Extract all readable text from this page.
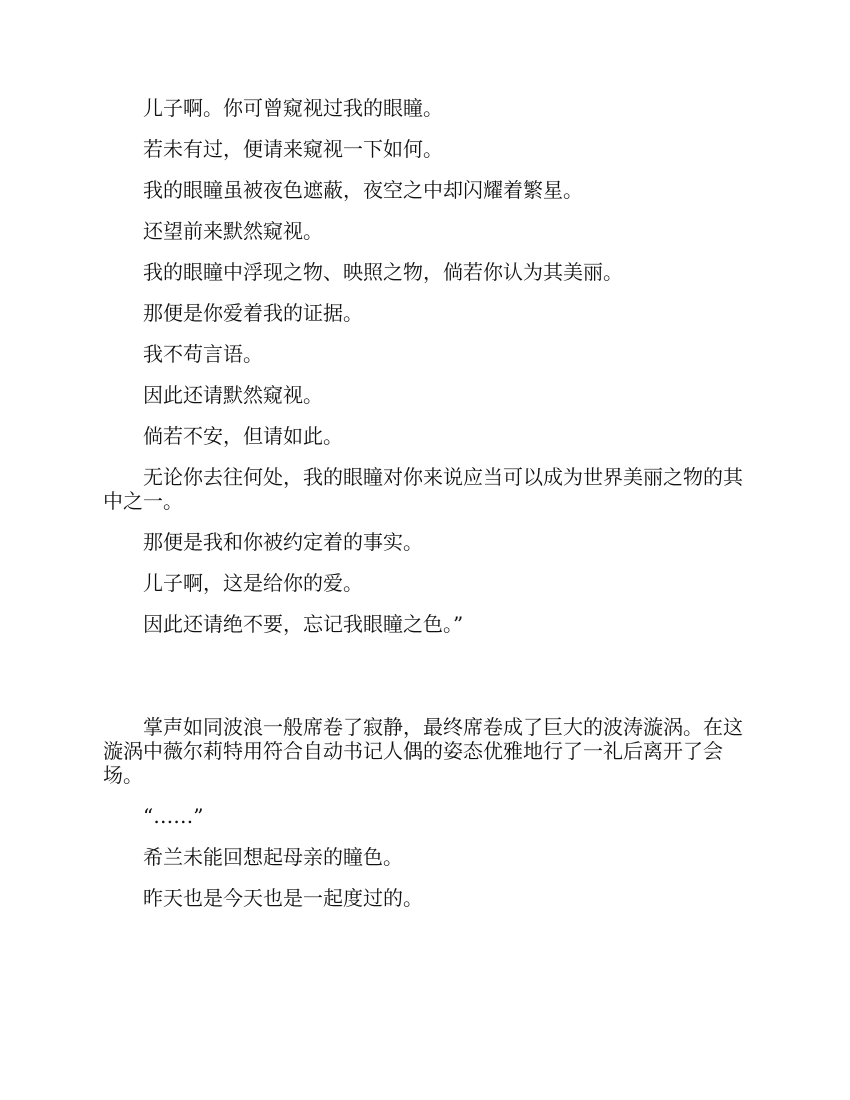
儿子啊。你可曾窥视过我的眼瞳。

若未有过，便请来窥视一下如何。

我的眼瞳虽被夜色遮蔽，夜空之中却闪耀着繁星。

还望前来默然窥视。

我的眼瞳中浮现之物、映照之物，倘若你认为其美丽。

那便是你爱着我的证据。

我不苟言语。

因此还请默然窥视。

倘若不安，但请如此。

无论你去往何处，我的眼瞳对你来说应当可以成为世界美丽之物的其中之一。

那便是我和你被约定着的事实。

儿子啊，这是给你的爱。

因此还请绝不要，忘记我眼瞳之色。”

掌声如同波浪一般席卷了寂静，最终席卷成了巨大的波涛漩涡。在这漩涡中薇尔莉特用符合自动书记人偶的姿态优雅地行了一礼后离开了会场。

“……”

希兰未能回想起母亲的瞳色。

昨天也是今天也是一起度过的。
